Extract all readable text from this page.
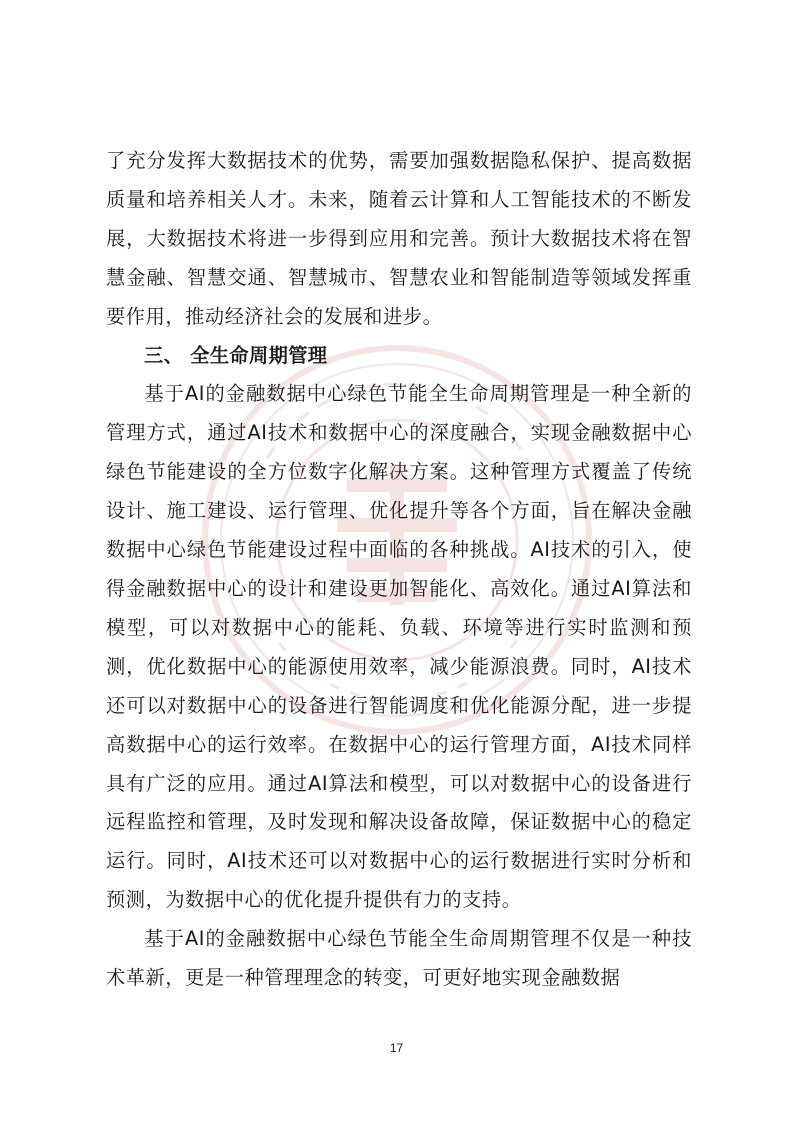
了充分发挥大数据技术的优势，需要加强数据隐私保护、提高数据质量和培养相关人才。未来，随着云计算和人工智能技术的不断发展，大数据技术将进一步得到应用和完善。预计大数据技术将在智慧金融、智慧交通、智慧城市、智慧农业和智能制造等领域发挥重要作用，推动经济社会的发展和进步。

三、 全生命周期管理

基于AI的金融数据中心绿色节能全生命周期管理是一种全新的管理方式，通过AI技术和数据中心的深度融合，实现金融数据中心绿色节能建设的全方位数字化解决方案。这种管理方式覆盖了传统设计、施工建设、运行管理、优化提升等各个方面，旨在解决金融数据中心绿色节能建设过程中面临的各种挑战。AI技术的引入，使得金融数据中心的设计和建设更加智能化、高效化。通过AI算法和模型，可以对数据中心的能耗、负载、环境等进行实时监测和预测，优化数据中心的能源使用效率，减少能源浪费。同时，AI技术还可以对数据中心的设备进行智能调度和优化能源分配，进一步提高数据中心的运行效率。在数据中心的运行管理方面，AI技术同样具有广泛的应用。通过AI算法和模型，可以对数据中心的设备进行远程监控和管理，及时发现和解决设备故障，保证数据中心的稳定运行。同时，AI技术还可以对数据中心的运行数据进行实时分析和预测，为数据中心的优化提升提供有力的支持。

基于AI的金融数据中心绿色节能全生命周期管理不仅是一种技术革新，更是一种管理理念的转变，可更好地实现金融数据

17
